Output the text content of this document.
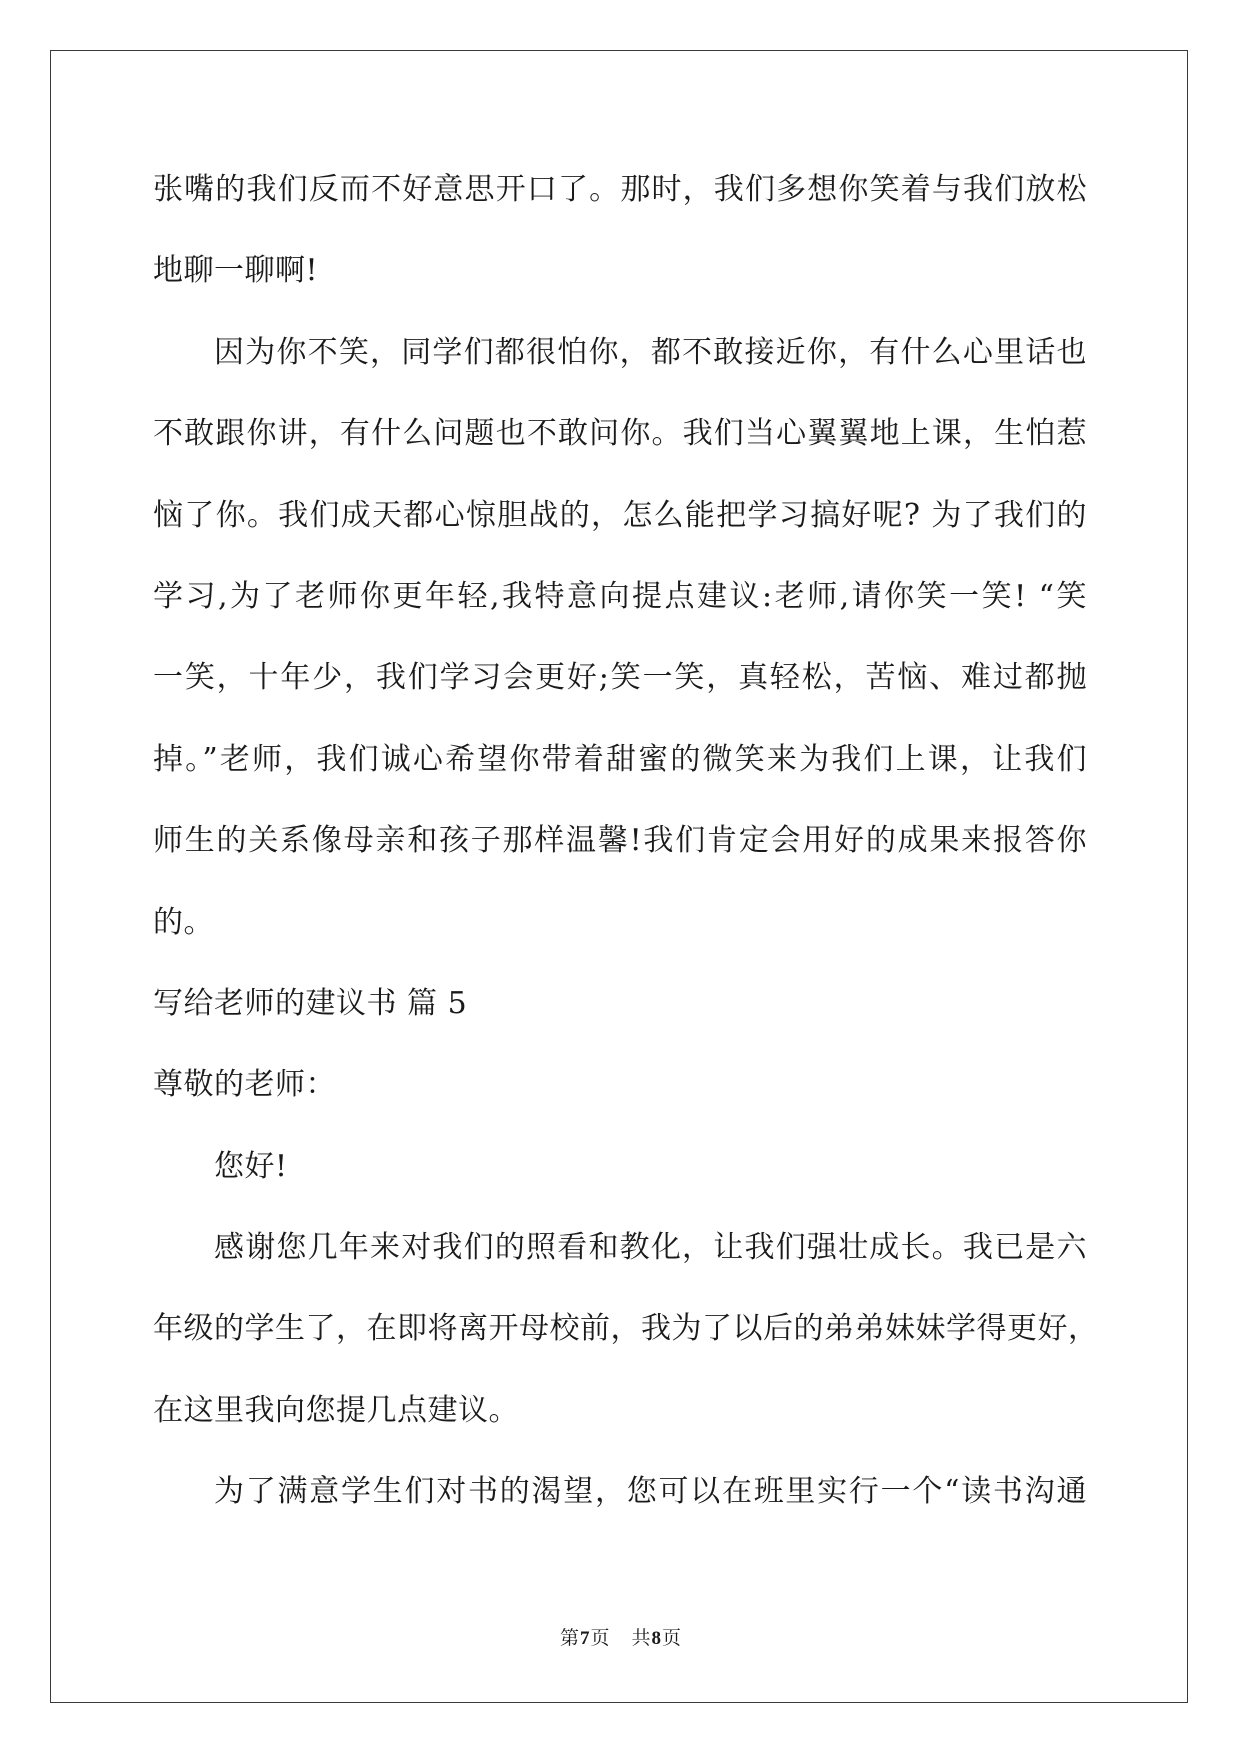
张嘴的我们反而不好意思开口了。那时，我们多想你笑着与我们放松
地聊一聊啊!
因为你不笑，同学们都很怕你，都不敢接近你，有什么心里话也
不敢跟你讲，有什么问题也不敢问你。我们当心翼翼地上课，生怕惹
恼了你。我们成天都心惊胆战的，怎么能把学习搞好呢? 为了我们的
学习,为了老师你更年轻,我特意向提点建议:老师,请你笑一笑! “笑
一笑，十年少，我们学习会更好;笑一笑，真轻松，苦恼、难过都抛
掉。”老师，我们诚心希望你带着甜蜜的微笑来为我们上课，让我们
师生的关系像母亲和孩子那样温馨!我们肯定会用好的成果来报答你
的。
写给老师的建议书 篇 5
尊敬的老师：
您好!
感谢您几年来对我们的照看和教化，让我们强壮成长。我已是六
年级的学生了，在即将离开母校前，我为了以后的弟弟妹妹学得更好，
在这里我向您提几点建议。
为了满意学生们对书的渴望，您可以在班里实行一个“读书沟通
第7页 共8页
